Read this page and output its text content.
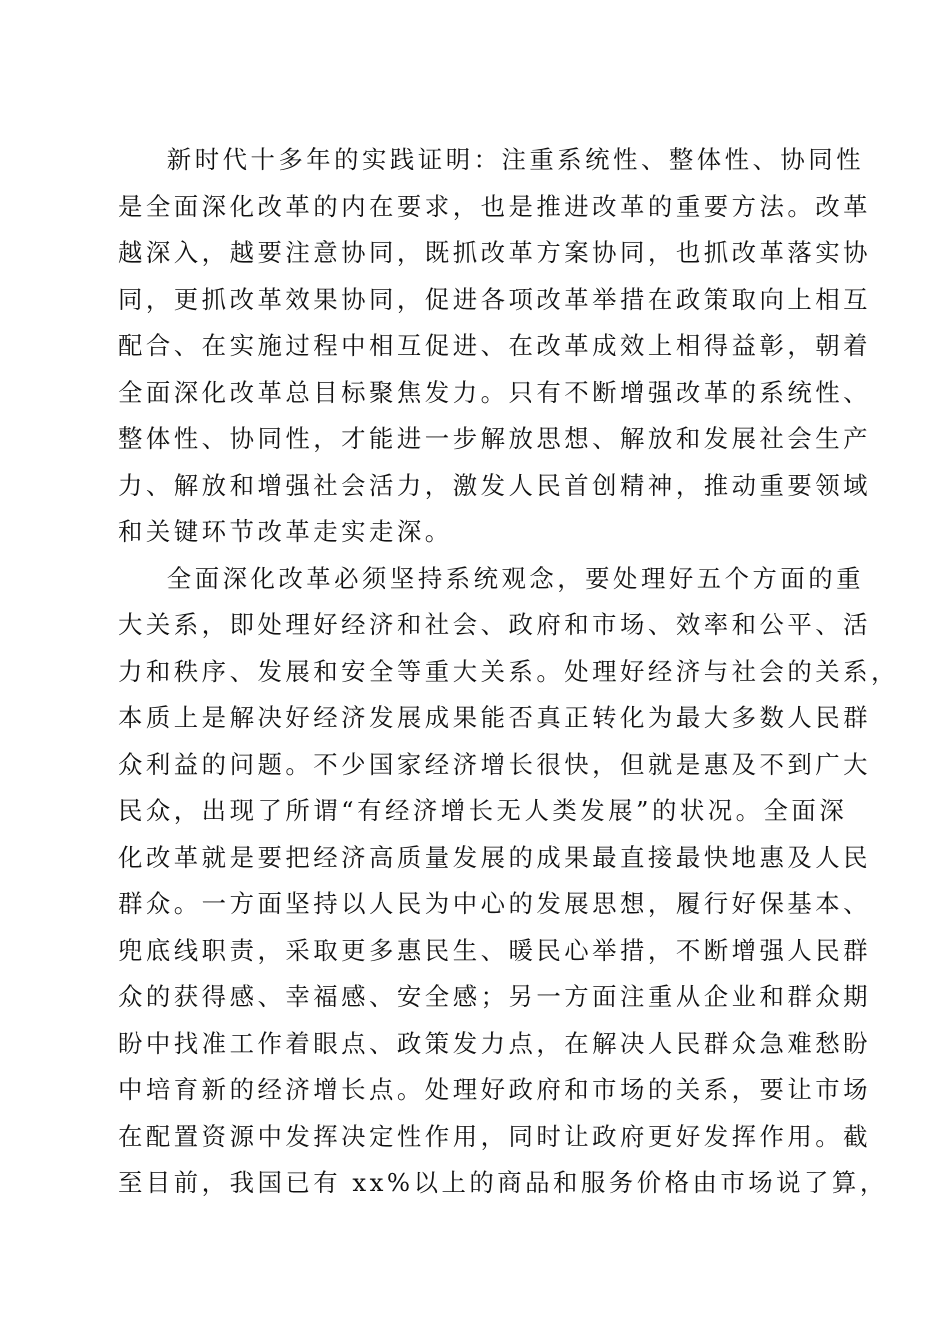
新时代十多年的实践证明：注重系统性、整体性、协同性
是全面深化改革的内在要求，也是推进改革的重要方法。改革
越深入，越要注意协同，既抓改革方案协同，也抓改革落实协
同，更抓改革效果协同，促进各项改革举措在政策取向上相互
配合、在实施过程中相互促进、在改革成效上相得益彰，朝着
全面深化改革总目标聚焦发力。只有不断增强改革的系统性、
整体性、协同性，才能进一步解放思想、解放和发展社会生产
力、解放和增强社会活力，激发人民首创精神，推动重要领域
和关键环节改革走实走深。

全面深化改革必须坚持系统观念，要处理好五个方面的重
大关系，即处理好经济和社会、政府和市场、效率和公平、活
力和秩序、发展和安全等重大关系。处理好经济与社会的关系，
本质上是解决好经济发展成果能否真正转化为最大多数人民群
众利益的问题。不少国家经济增长很快，但就是惠及不到广大
民众，出现了所谓“有经济增长无人类发展”的状况。全面深
化改革就是要把经济高质量发展的成果最直接最快地惠及人民
群众。一方面坚持以人民为中心的发展思想，履行好保基本、
兜底线职责，采取更多惠民生、暖民心举措，不断增强人民群
众的获得感、幸福感、安全感；另一方面注重从企业和群众期
盼中找准工作着眼点、政策发力点，在解决人民群众急难愁盼
中培育新的经济增长点。处理好政府和市场的关系，要让市场
在配置资源中发挥决定性作用，同时让政府更好发挥作用。截
至目前，我国已有 xx%以上的商品和服务价格由市场说了算，
